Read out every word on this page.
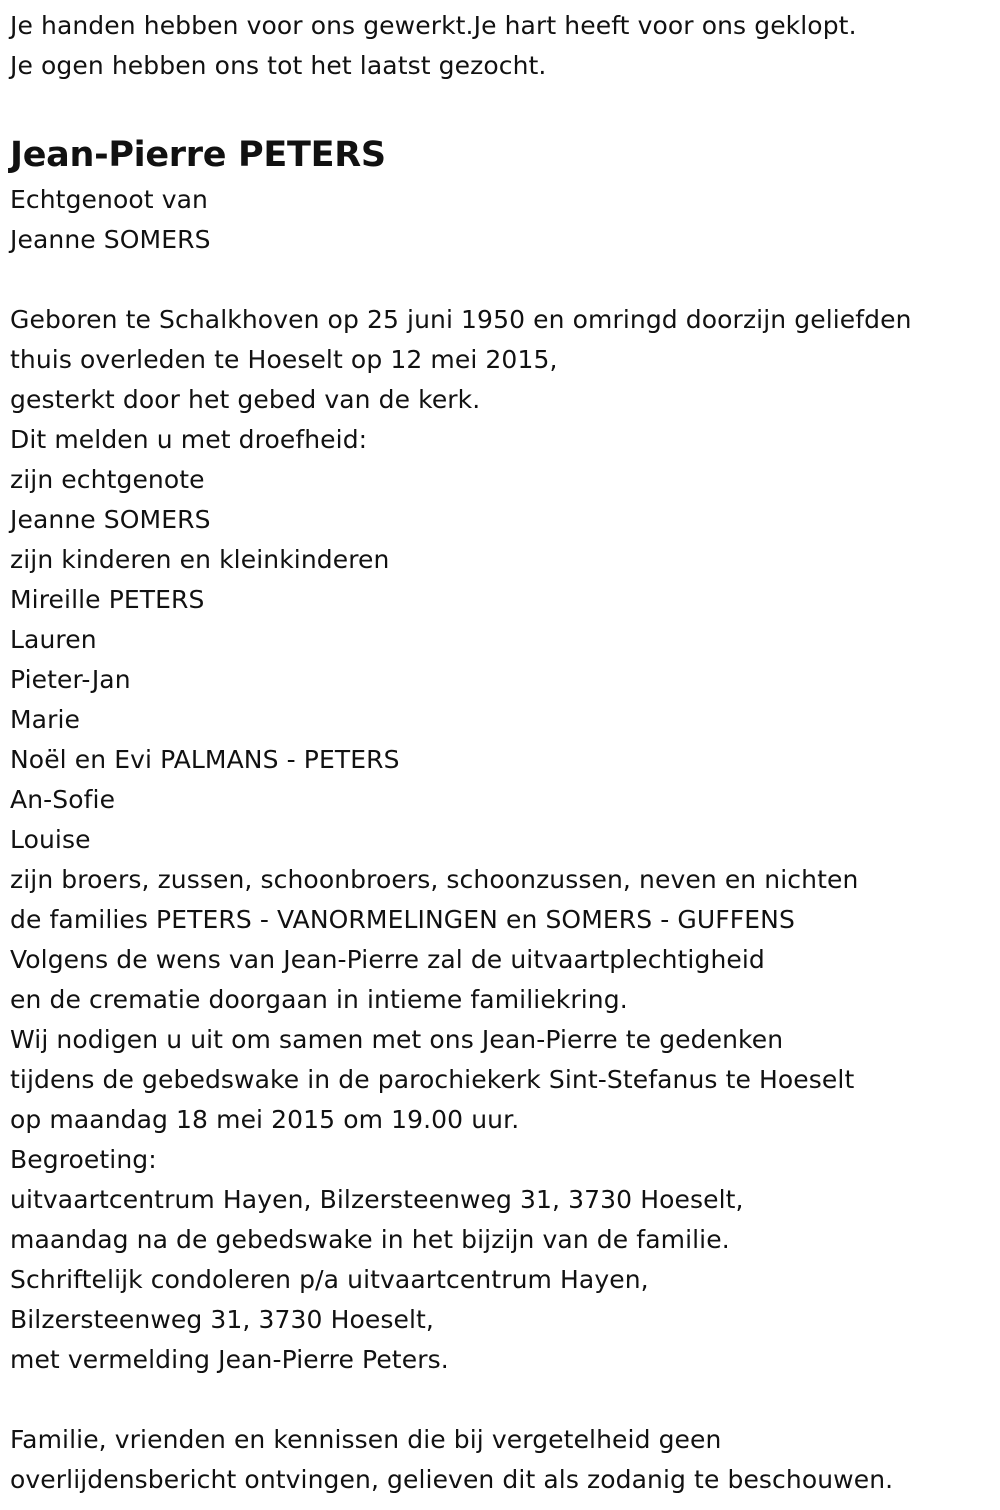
Je handen hebben voor ons gewerkt.Je hart heeft voor ons geklopt.
Je ogen hebben ons tot het laatst gezocht.
Jean-Pierre PETERS
Echtgenoot van
Jeanne SOMERS
Geboren te Schalkhoven op 25 juni 1950 en omringd doorzijn geliefden
thuis overleden te Hoeselt op 12 mei 2015,
gesterkt door het gebed van de kerk.
Dit melden u met droefheid:
zijn echtgenote
Jeanne SOMERS
zijn kinderen en kleinkinderen
Mireille PETERS
Lauren
Pieter-Jan
Marie
Noël en Evi PALMANS - PETERS
An-Sofie
Louise
zijn broers, zussen, schoonbroers, schoonzussen, neven en nichten
de families PETERS - VANORMELINGEN en SOMERS - GUFFENS
Volgens de wens van Jean-Pierre zal de uitvaartplechtigheid
en de crematie doorgaan in intieme familiekring.
Wij nodigen u uit om samen met ons Jean-Pierre te gedenken
tijdens de gebedswake in de parochiekerk Sint-Stefanus te Hoeselt
op maandag 18 mei 2015 om 19.00 uur.
Begroeting:
uitvaartcentrum Hayen, Bilzersteenweg 31, 3730 Hoeselt,
maandag na de gebedswake in het bijzijn van de familie.
Schriftelijk condoleren p/a uitvaartcentrum Hayen,
Bilzersteenweg 31, 3730 Hoeselt,
met vermelding Jean-Pierre Peters.
Familie, vrienden en kennissen die bij vergetelheid geen
overlijdensbericht ontvingen, gelieven dit als zodanig te beschouwen.
